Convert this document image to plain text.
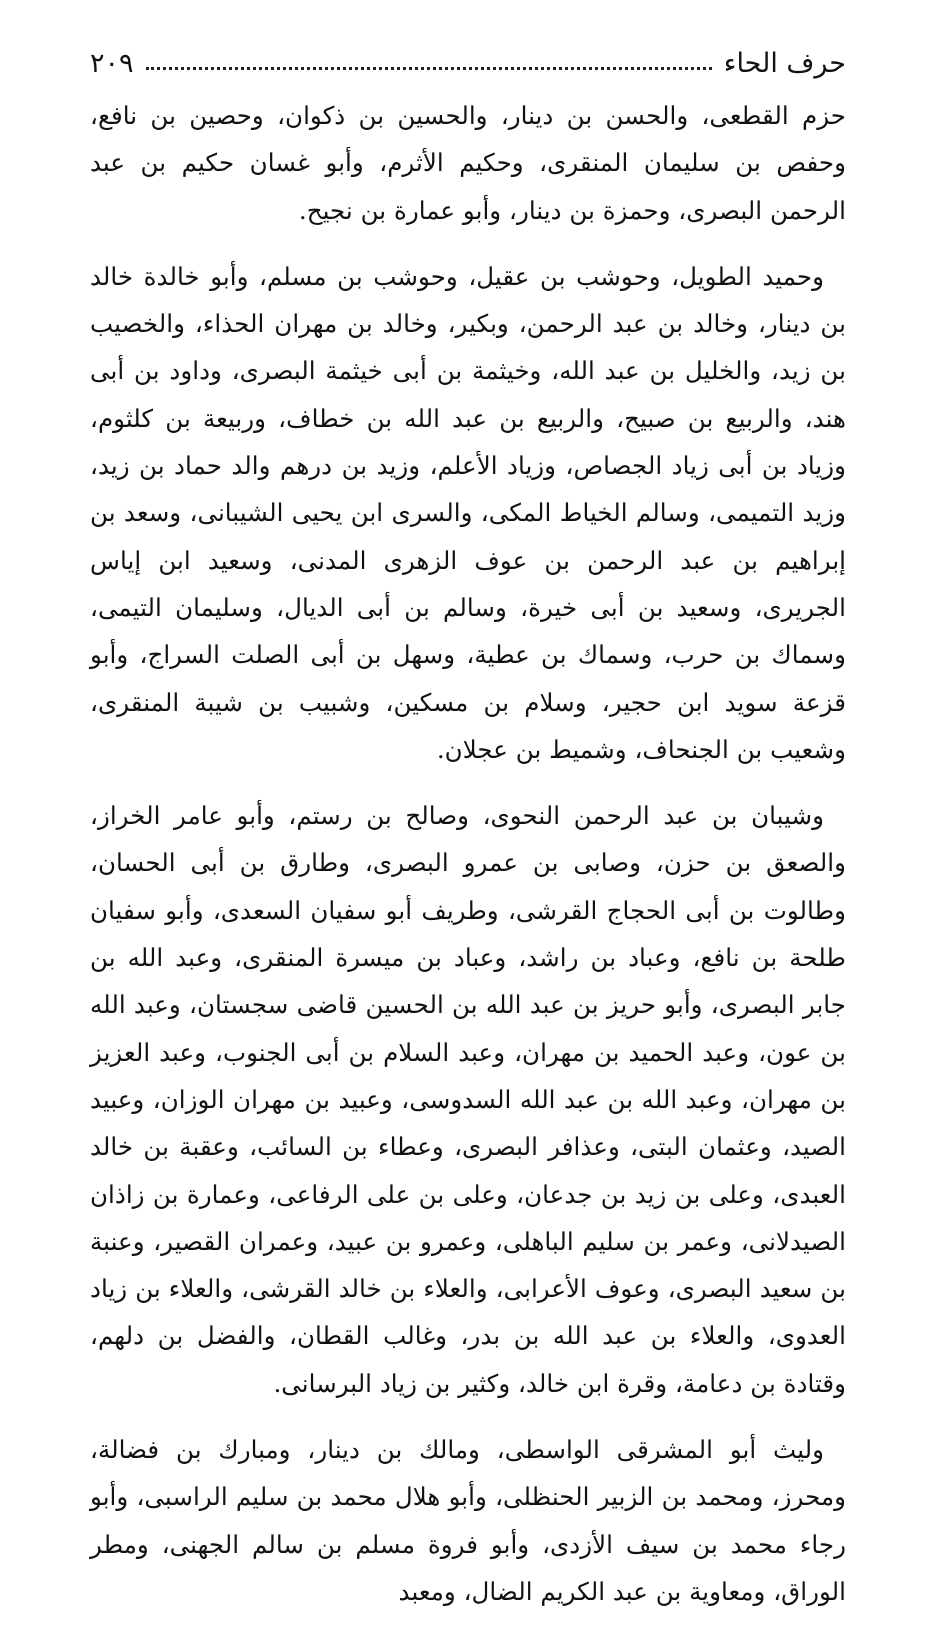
حرف الحاء
٢٠٩

حزم القطعى، والحسن بن دينار، والحسين بن ذكوان، وحصين بن نافع، وحفص بن سليمان المنقرى، وحكيم الأثرم، وأبو غسان حكيم بن عبد الرحمن البصرى، وحمزة بن دينار، وأبو عمارة بن نجيح.

وحميد الطويل، وحوشب بن عقيل، وحوشب بن مسلم، وأبو خالدة خالد بن دينار، وخالد بن عبد الرحمن، وبكير، وخالد بن مهران الحذاء، والخصيب بن زيد، والخليل بن عبد الله، وخيثمة بن أبى خيثمة البصرى، وداود بن أبى هند، والربيع بن صبيح، والربيع بن عبد الله بن خطاف، وربيعة بن كلثوم، وزياد بن أبى زياد الجصاص، وزياد الأعلم، وزيد بن درهم والد حماد بن زيد، وزيد التميمى، وسالم الخياط المكى، والسرى ابن يحيى الشيبانى، وسعد بن إبراهيم بن عبد الرحمن بن عوف الزهرى المدنى، وسعيد ابن إياس الجريرى، وسعيد بن أبى خيرة، وسالم بن أبى الديال، وسليمان التيمى، وسماك بن حرب، وسماك بن عطية، وسهل بن أبى الصلت السراج، وأبو قزعة سويد ابن حجير، وسلام بن مسكين، وشبيب بن شيبة المنقرى، وشعيب بن الجنحاف، وشميط بن عجلان.

وشيبان بن عبد الرحمن النحوى، وصالح بن رستم، وأبو عامر الخراز، والصعق بن حزن، وصابى بن عمرو البصرى، وطارق بن أبى الحسان، وطالوت بن أبى الحجاج القرشى، وطريف أبو سفيان السعدى، وأبو سفيان طلحة بن نافع، وعباد بن راشد، وعباد بن ميسرة المنقرى، وعبد الله بن جابر البصرى، وأبو حريز بن عبد الله بن الحسين قاضى سجستان، وعبد الله بن عون، وعبد الحميد بن مهران، وعبد السلام بن أبى الجنوب، وعبد العزيز بن مهران، وعبد الله بن عبد الله السدوسى، وعبيد بن مهران الوزان، وعبيد الصيد، وعثمان البتى، وعذافر البصرى، وعطاء بن السائب، وعقبة بن خالد العبدى، وعلى بن زيد بن جدعان، وعلى بن على الرفاعى، وعمارة بن زاذان الصيدلانى، وعمر بن سليم الباهلى، وعمرو بن عبيد، وعمران القصير، وعنبة بن سعيد البصرى، وعوف الأعرابى، والعلاء بن خالد القرشى، والعلاء بن زياد العدوى، والعلاء بن عبد الله بن بدر، وغالب القطان، والفضل بن دلهم، وقتادة بن دعامة، وقرة ابن خالد، وكثير بن زياد البرسانى.

وليث أبو المشرقى الواسطى، ومالك بن دينار، ومبارك بن فضالة، ومحرز، ومحمد بن الزبير الحنظلى، وأبو هلال محمد بن سليم الراسبى، وأبو رجاء محمد بن سيف الأزدى، وأبو فروة مسلم بن سالم الجهنى، ومطر الوراق، ومعاوية بن عبد الكريم الضال، ومعبد
